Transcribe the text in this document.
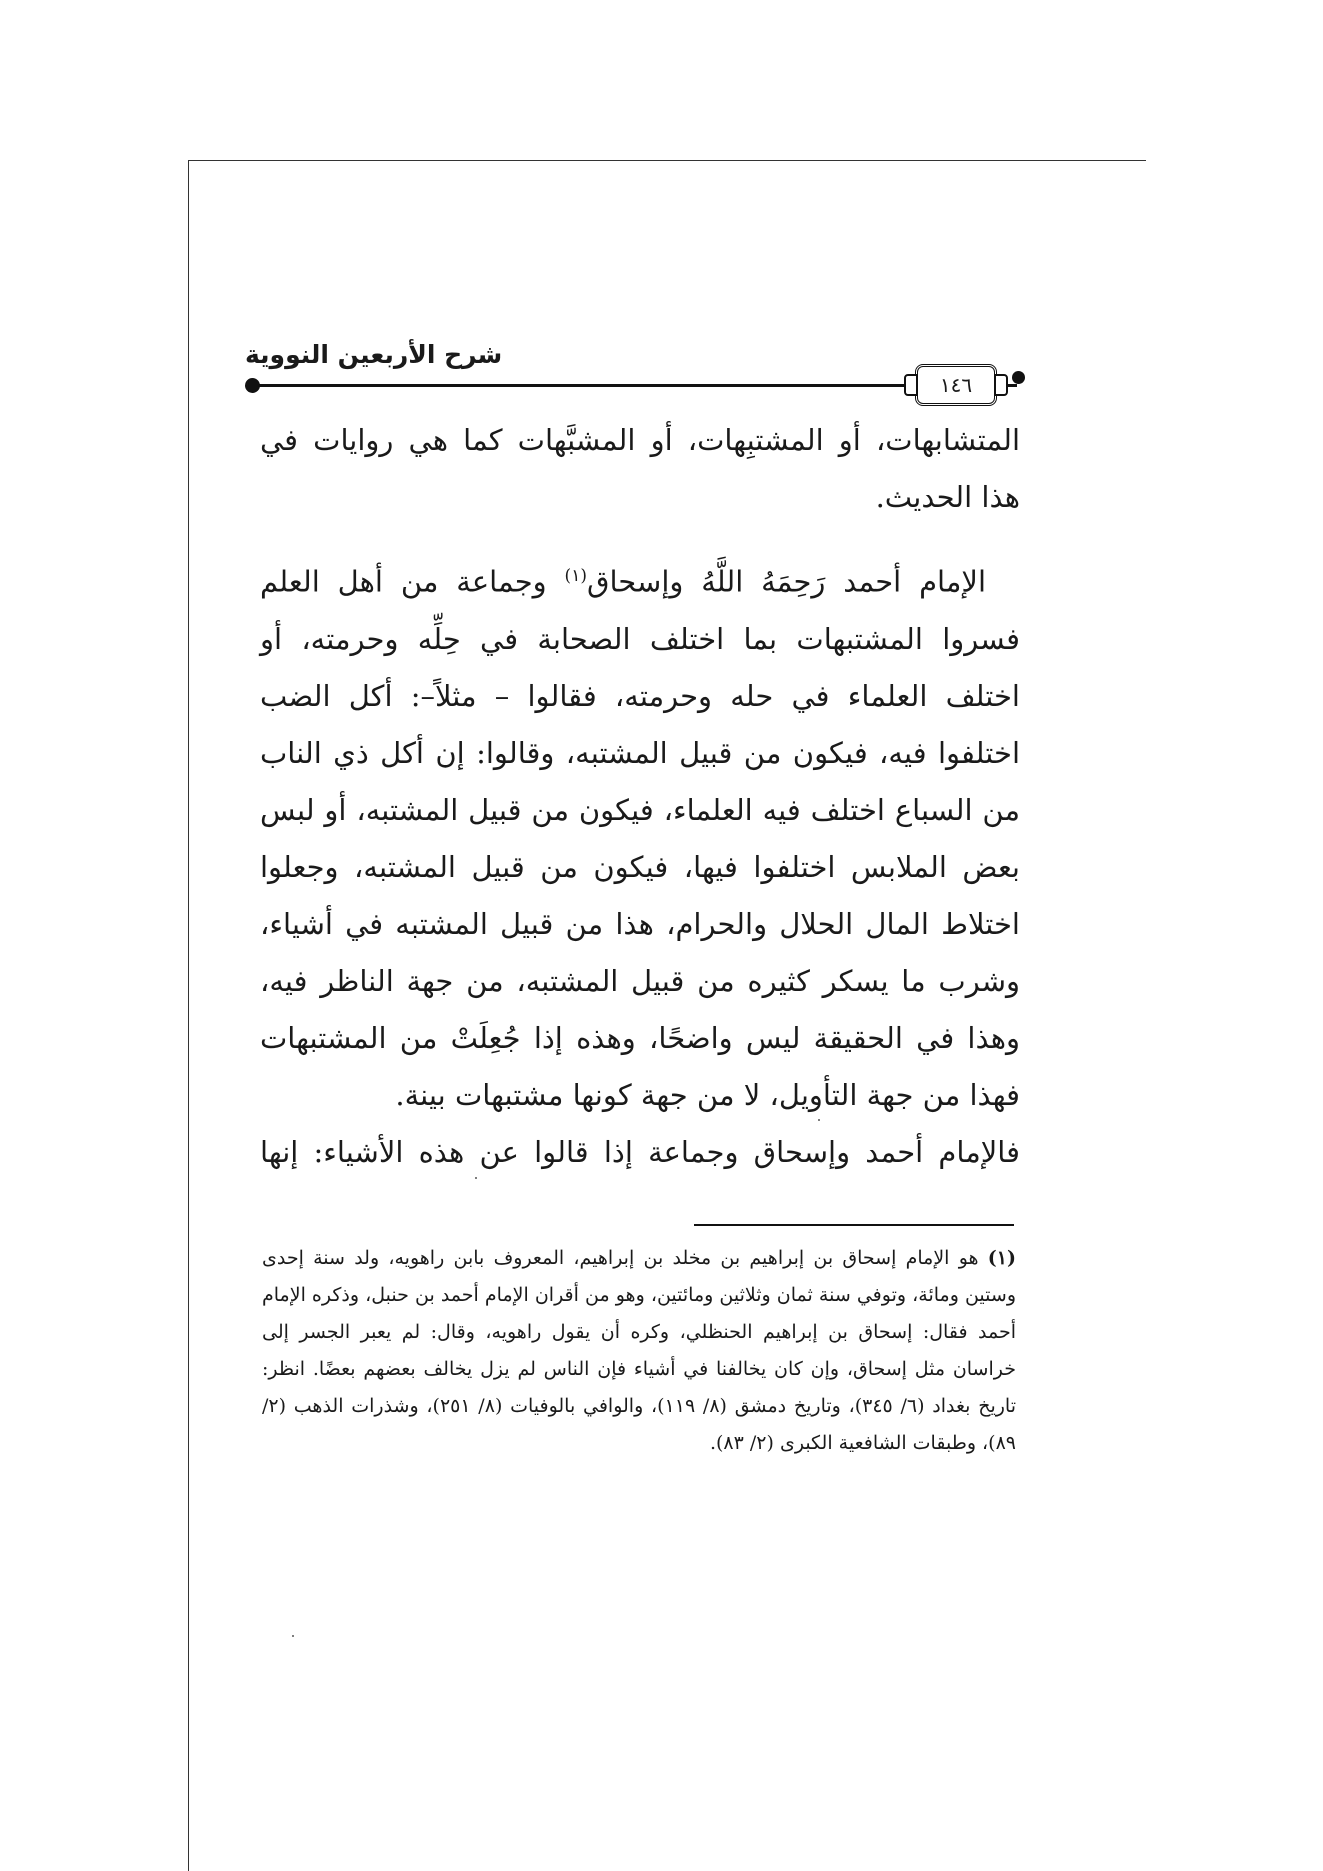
شرح الأربعين النووية
١٤٦

المتشابهات، أو المشتبِهات، أو المشبَّهات كما هي روايات في هذا الحديث.

الإمام أحمد رَحِمَهُ اللَّهُ وإسحاق$^{(١)}$ وجماعة من أهل العلم فسروا المشتبهات بما اختلف الصحابة في حِلِّه وحرمته، أو اختلف العلماء في حله وحرمته، فقالوا – مثلاً–: أكل الضب اختلفوا فيه، فيكون من قبيل المشتبه، وقالوا: إن أكل ذي الناب من السباع اختلف فيه العلماء، فيكون من قبيل المشتبه، أو لبس بعض الملابس اختلفوا فيها، فيكون من قبيل المشتبه، وجعلوا اختلاط المال الحلال والحرام، هذا من قبيل المشتبه في أشياء، وشرب ما يسكر كثيره من قبيل المشتبه، من جهة الناظر فيه، وهذا في الحقيقة ليس واضحًا، وهذه إذا جُعِلَتْ من المشتبهات فهذا من جهة التأويل، لا من جهة كونها مشتبهات بينة.

فالإمام أحمد وإسحاق وجماعة إذا قالوا عن هذه الأشياء: إنها

(١) هو الإمام إسحاق بن إبراهيم بن مخلد بن إبراهيم، المعروف بابن راهويه، ولد سنة إحدى وستين ومائة، وتوفي سنة ثمان وثلاثين ومائتين، وهو من أقران الإمام أحمد بن حنبل، وذكره الإمام أحمد فقال: إسحاق بن إبراهيم الحنظلي، وكره أن يقول راهويه، وقال: لم يعبر الجسر إلى خراسان مثل إسحاق، وإن كان يخالفنا في أشياء فإن الناس لم يزل يخالف بعضهم بعضًا. انظر: تاريخ بغداد (٦/ ٣٤٥)، وتاريخ دمشق (٨/ ١١٩)، والوافي بالوفيات (٨/ ٢٥١)، وشذرات الذهب (٢/ ٨٩)، وطبقات الشافعية الكبرى (٢/ ٨٣).
